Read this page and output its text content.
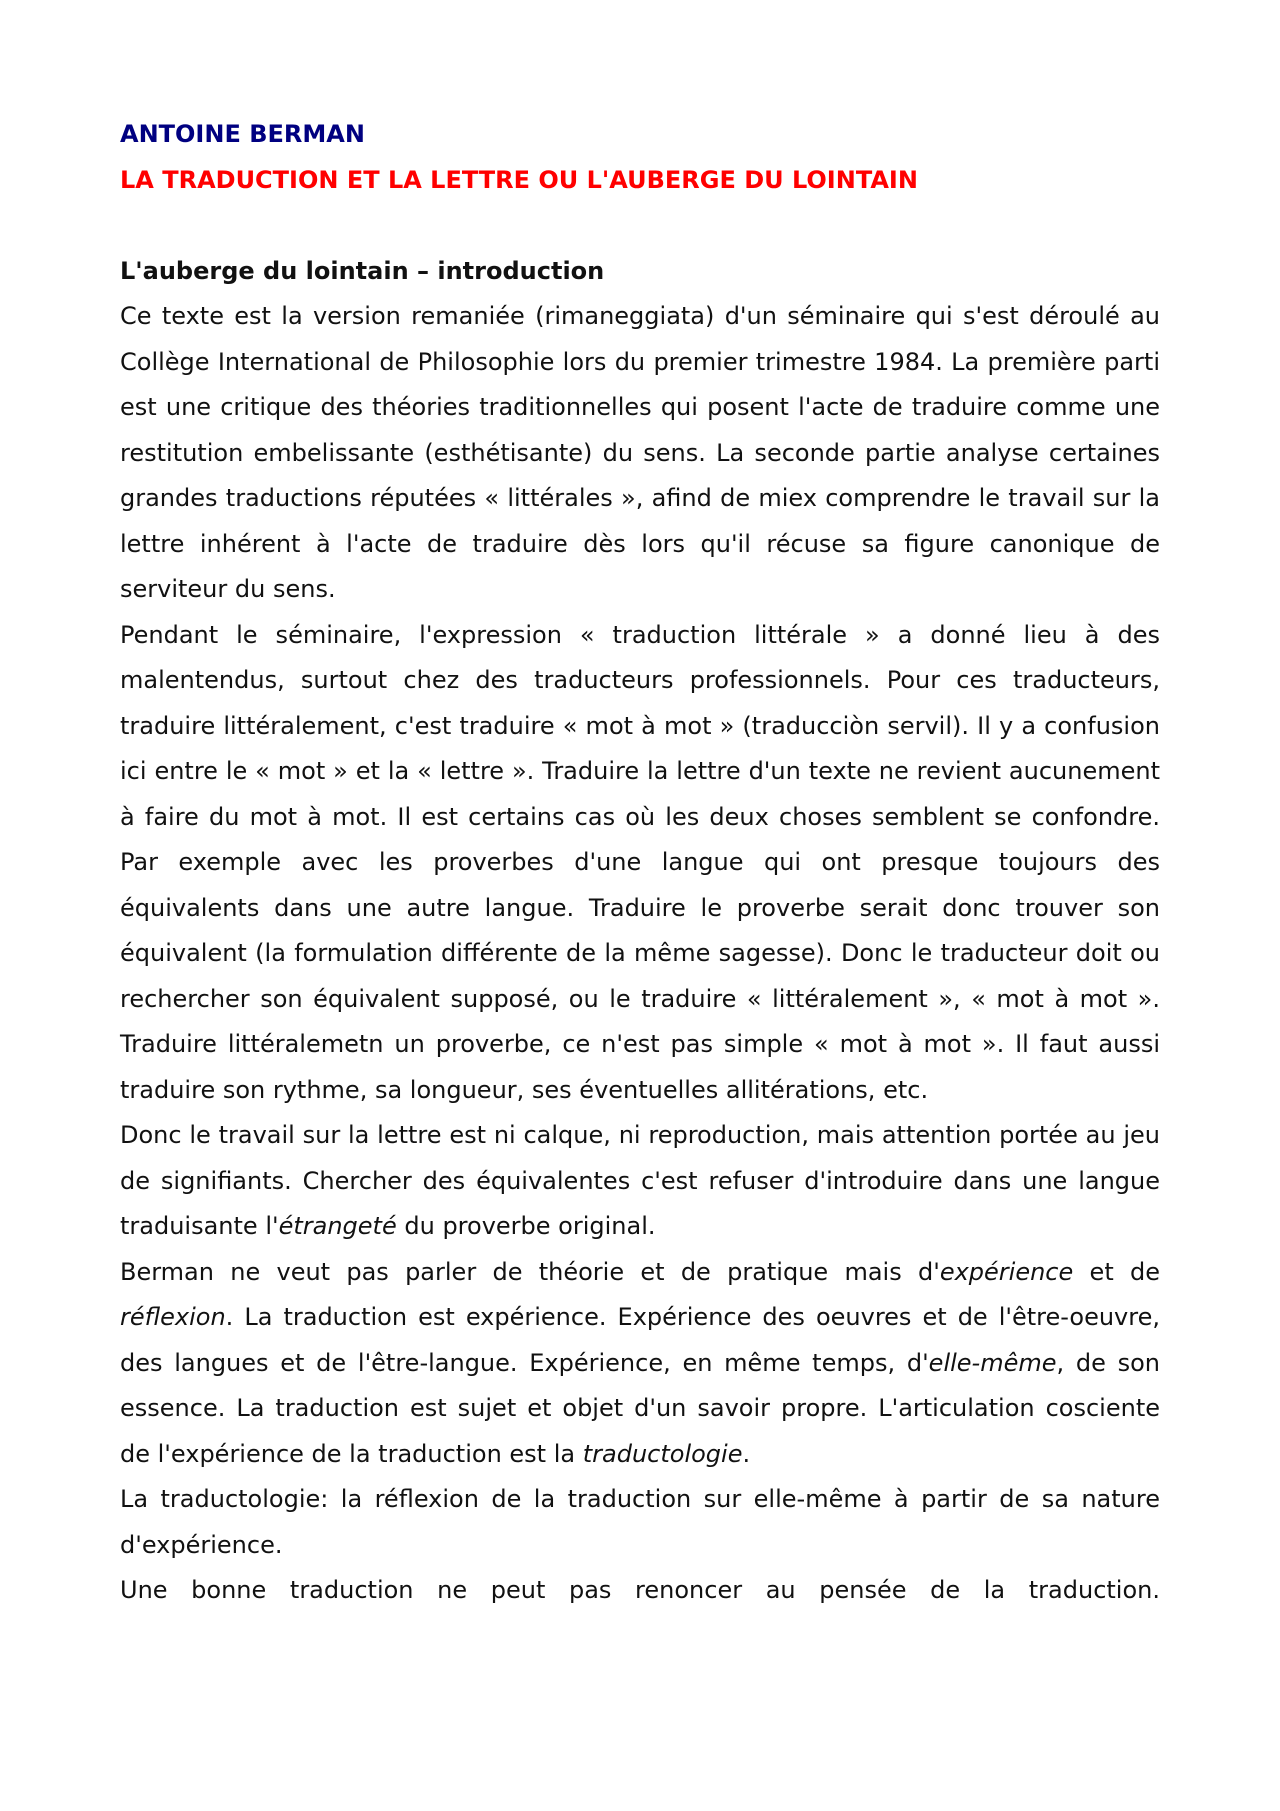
ANTOINE BERMAN
LA TRADUCTION ET LA LETTRE OU L'AUBERGE DU LOINTAIN
L'auberge du lointain – introduction

Ce texte est la version remaniée (rimaneggiata) d'un séminaire qui s'est déroulé au Collège International de Philosophie lors du premier trimestre 1984. La première parti est une critique des théories traditionnelles qui posent l'acte de traduire comme une restitution embelissante (esthétisante) du sens. La seconde partie analyse certaines grandes traductions réputées « littérales », afind de miex comprendre le travail sur la lettre inhérent à l'acte de traduire dès lors qu'il récuse sa figure canonique de serviteur du sens.

Pendant le séminaire, l'expression « traduction littérale » a donné lieu à des malentendus, surtout chez des traducteurs professionnels. Pour ces traducteurs, traduire littéralement, c'est traduire « mot à mot » (traducciòn servil). Il y a confusion ici entre le « mot » et la « lettre ». Traduire la lettre d'un texte ne revient aucunement à faire du mot à mot. Il est certains cas où les deux choses semblent se confondre. Par exemple avec les proverbes d'une langue qui ont presque toujours des équivalents dans une autre langue. Traduire le proverbe serait donc trouver son équivalent (la formulation différente de la même sagesse). Donc le traducteur doit ou rechercher son équivalent supposé, ou le traduire « littéralement », « mot à mot ». Traduire littéralemetn un proverbe, ce n'est pas simple « mot à mot ». Il faut aussi traduire son rythme, sa longueur, ses éventuelles allitérations, etc.

Donc le travail sur la lettre est ni calque, ni reproduction, mais attention portée au jeu de signifiants. Chercher des équivalentes c'est refuser d'introduire dans une langue traduisante l'étrangeté du proverbe original.

Berman ne veut pas parler de théorie et de pratique mais d'expérience et de réflexion. La traduction est expérience. Expérience des oeuvres et de l'être-oeuvre, des langues et de l'être-langue. Expérience, en même temps, d'elle-même, de son essence. La traduction est sujet et objet d'un savoir propre. L'articulation cosciente de l'expérience de la traduction est la traductologie.

La traductologie: la réflexion de la traduction sur elle-même à partir de sa nature d'expérience.

Une bonne traduction ne peut pas renoncer au pensée de la traduction.
